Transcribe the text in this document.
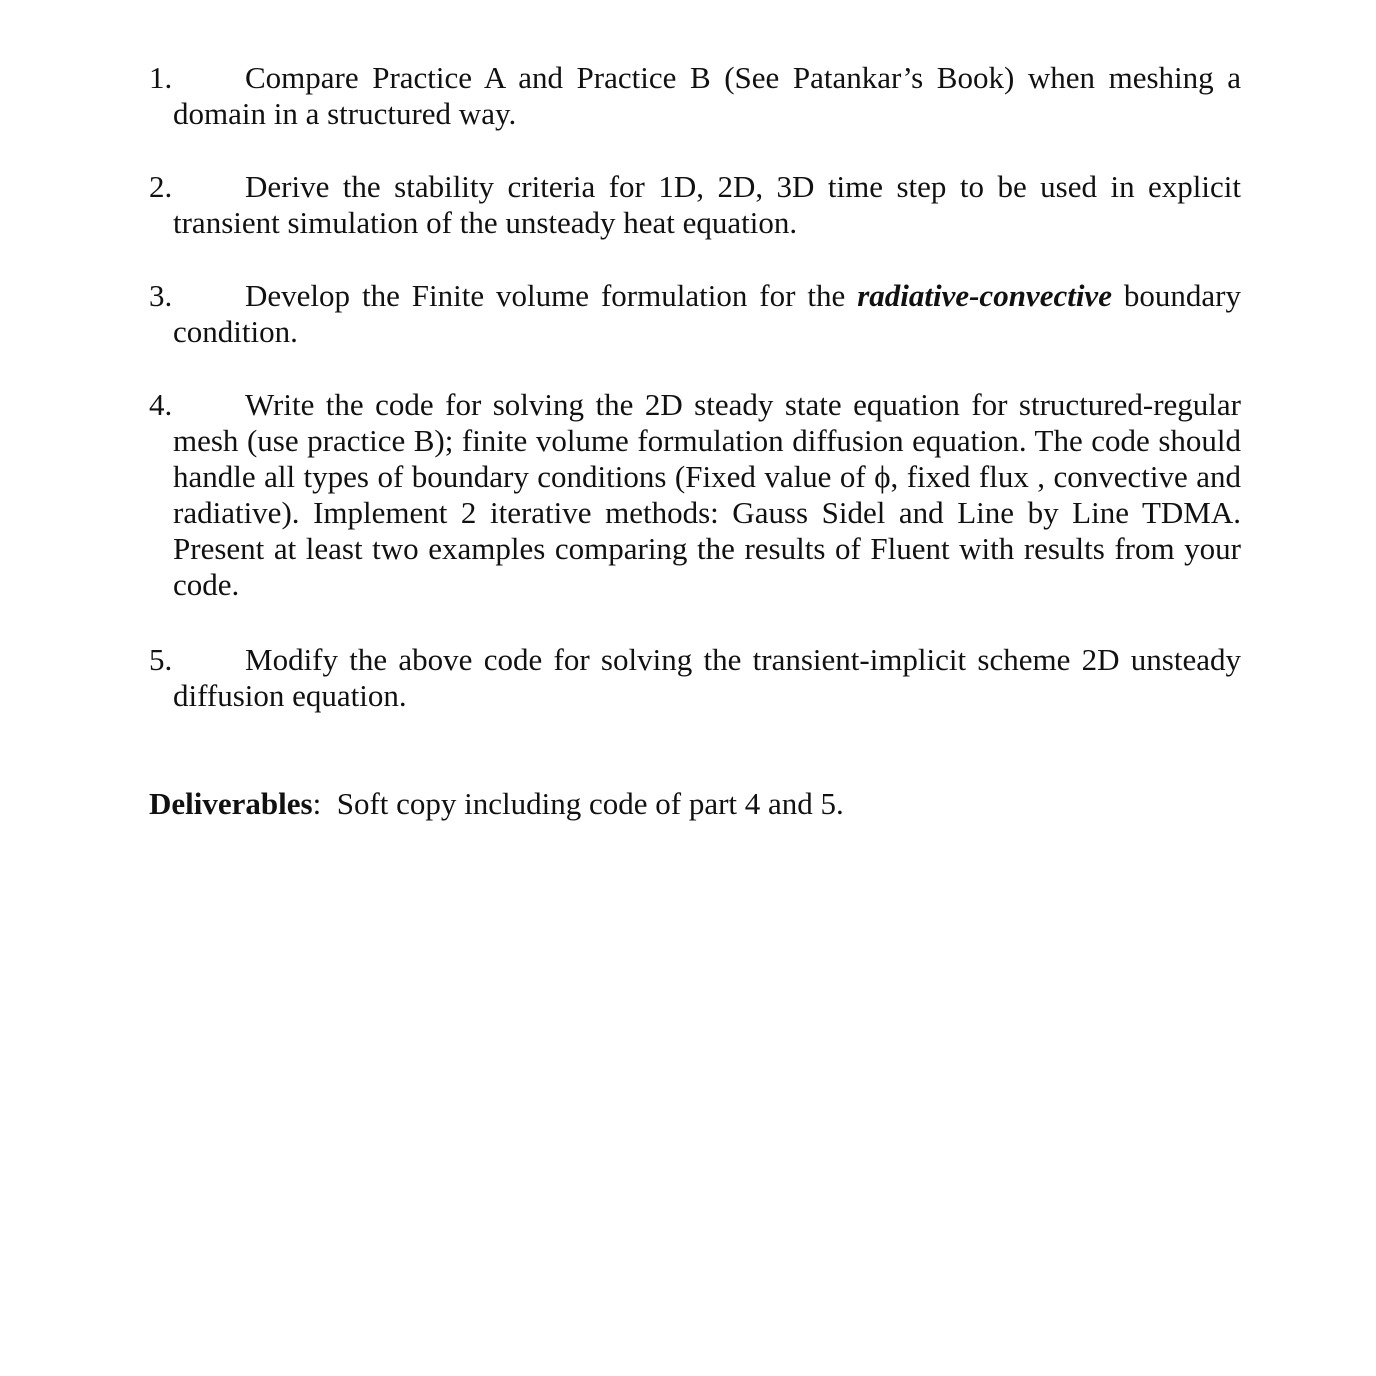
1.	Compare Practice A and Practice B (See Patankar’s Book) when meshing a domain in a structured way.
2.	Derive the stability criteria for 1D, 2D, 3D time step to be used in explicit transient simulation of the unsteady heat equation.
3.	Develop the Finite volume formulation for the radiative-convective boundary condition.
4.	Write the code for solving the 2D steady state equation for structured-regular mesh (use practice B); finite volume formulation diffusion equation. The code should handle all types of boundary conditions (Fixed value of ϕ, fixed flux , convective and radiative). Implement 2 iterative methods: Gauss Sidel and Line by Line TDMA. Present at least two examples comparing the results of Fluent with results from your code.
5.	Modify the above code for solving the transient-implicit scheme 2D unsteady diffusion equation.
Deliverables:  Soft copy including code of part 4 and 5.
